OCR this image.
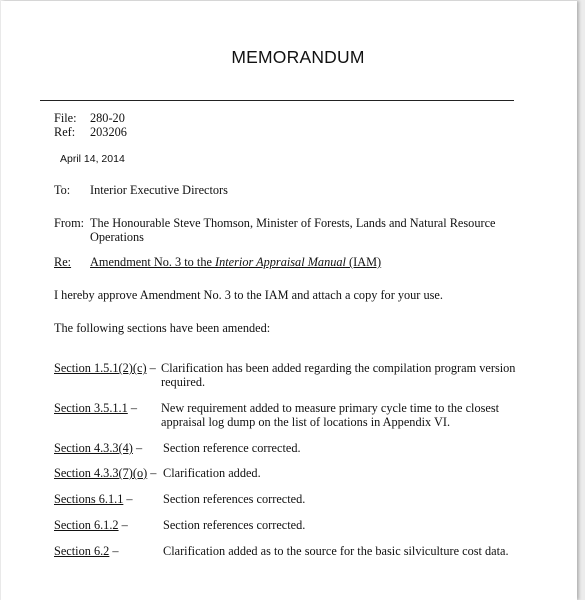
MEMORANDUM
File: 280-20
Ref: 203206
April 14, 2014
To: Interior Executive Directors
From: The Honourable Steve Thomson, Minister of Forests, Lands and Natural Resource
Operations
Re: Amendment No. 3 to the Interior Appraisal Manual (IAM)
I hereby approve Amendment No. 3 to the IAM and attach a copy for your use.
The following sections have been amended:
Section 1.5.1(2)(c) – Clarification has been added regarding the compilation program version
required.
Section 3.5.1.1 – New requirement added to measure primary cycle time to the closest
appraisal log dump on the list of locations in Appendix VI.
Section 4.3.3(4) – Section reference corrected.
Section 4.3.3(7)(o) – Clarification added.
Sections 6.1.1 – Section references corrected.
Section 6.1.2 –	Section references corrected.
Section 6.2 –	Clarification added as to the source for the basic silviculture cost data.
